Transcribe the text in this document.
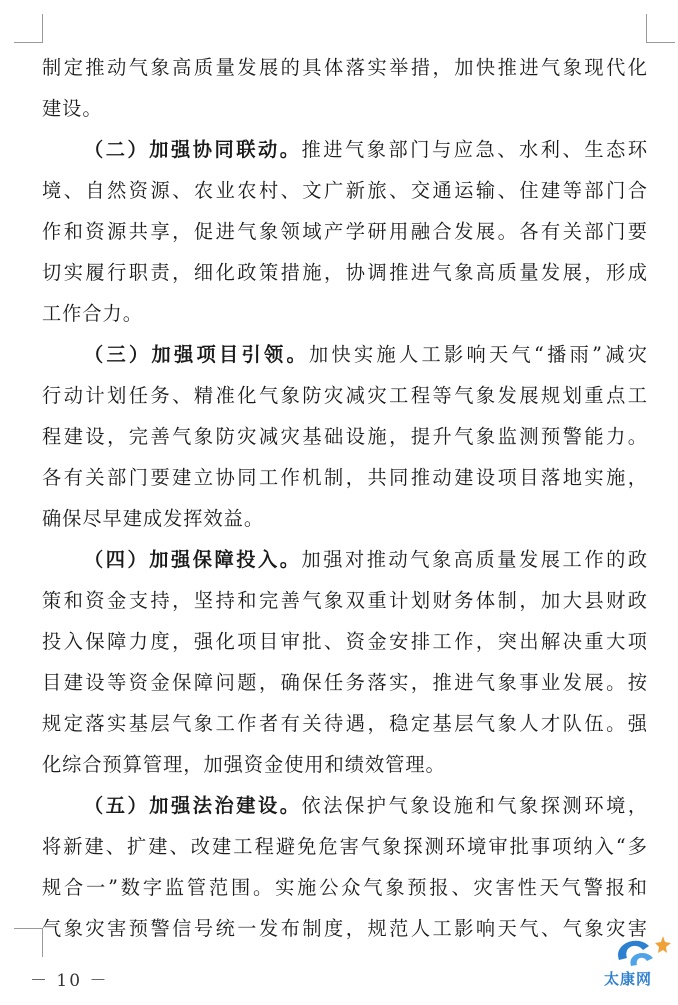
制定推动气象高质量发展的具体落实举措，加快推进气象现代化
建设。
（二）加强协同联动。推进气象部门与应急、水利、生态环
境、自然资源、农业农村、文广新旅、交通运输、住建等部门合
作和资源共享，促进气象领域产学研用融合发展。各有关部门要
切实履行职责，细化政策措施，协调推进气象高质量发展，形成
工作合力。
（三）加强项目引领。加快实施人工影响天气“播雨”减灾
行动计划任务、精准化气象防灾减灾工程等气象发展规划重点工
程建设，完善气象防灾减灾基础设施，提升气象监测预警能力。
各有关部门要建立协同工作机制，共同推动建设项目落地实施，
确保尽早建成发挥效益。
（四）加强保障投入。加强对推动气象高质量发展工作的政
策和资金支持，坚持和完善气象双重计划财务体制，加大县财政
投入保障力度，强化项目审批、资金安排工作，突出解决重大项
目建设等资金保障问题，确保任务落实，推进气象事业发展。按
规定落实基层气象工作者有关待遇，稳定基层气象人才队伍。强
化综合预算管理，加强资金使用和绩效管理。
（五）加强法治建设。依法保护气象设施和气象探测环境，
将新建、扩建、改建工程避免危害气象探测环境审批事项纳入“多
规合一”数字监管范围。实施公众气象预报、灾害性天气警报和
气象灾害预警信号统一发布制度，规范人工影响天气、气象灾害
－ 10 －	太康网
